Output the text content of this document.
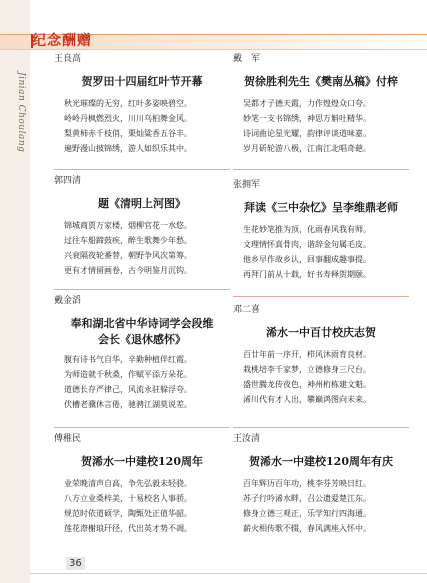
纪念酬赠
Jinian Choulang
王良高
贺罗田十四届红叶节开幕
秋光璀璨的无穷，红叶多姿映碧空。
岭岭丹枫燃烈火，川川乌桕舞金风。
梨黄柿赤千枝俏，栗灿粱香五谷丰。
遍野漫山披锦绣，游人如织乐其中。
郭四清
题《清明上河图》
锦城商贾万家楼，烟柳官花一水悠。
过往车船蹄鼓疾，醉生歌舞少年愁。
兴衰隔夜轮番替，朝野争风次第筹。
更有才情留画卷，古今明鉴月沉钩。
戴金滔
奉和湖北省中华诗词学会段维
会长《退休感怀》
腹有诗书气自华，辛勤种植伴红霞。
为师造就千秋桑，作赋平添万朵花。
道德长存严律己，风流永驻躲浮夸。
伏槽老骥休言倦，驰骋江湖莫说差。
傅稚民
贺浠水一中建校120周年
业荣晚清声自高，争先弘毅未轻骁。
八方立业桑梓美，十易校名人事骄。
规范时依道硕学，陶甄处正值华韶。
莲花漈榭琅玕径，代出英才势不凋。
戴　军
贺徐胜利先生《樊南丛稿》付梓
吴都才子德天霞，力作煌煌众口夸。
妙笔一支书锦绣，神思万斛吐精华。
诗词曲论星光耀，韵律评谈道味嘉。
岁月斫轮游八极，江南江北唱奇葩。
张拥军
拜读《三中杂忆》呈李维鼎老师
生花妙笔推为顶，化雨春风我有师。
文理情怀真骨肉，谐辞金句属毛皮。
他乡早作故乡认，回事翻成趣事提。
再拜门前从十载，好书寿释贺期颐。
邓二喜
浠水一中百廿校庆志贺
百廿年前一序开，栉风沐雨育良材。
栽桃培李千家梦，立德修身三尺台。
盛世腾龙传夜色，神州桁栋建文魁。
浠川代有才人出，攀巅鸿图向未来。
王汝清
贺浠水一中建校120周年有庆
百年辉历百年功，桃李芬芳映日红。
苏子行吟浠水畔，召公遗爱楚江东。
修身立德三观正，乐学知行四海通。
薪火相传歌不辍，春风满座入怀中。
36
